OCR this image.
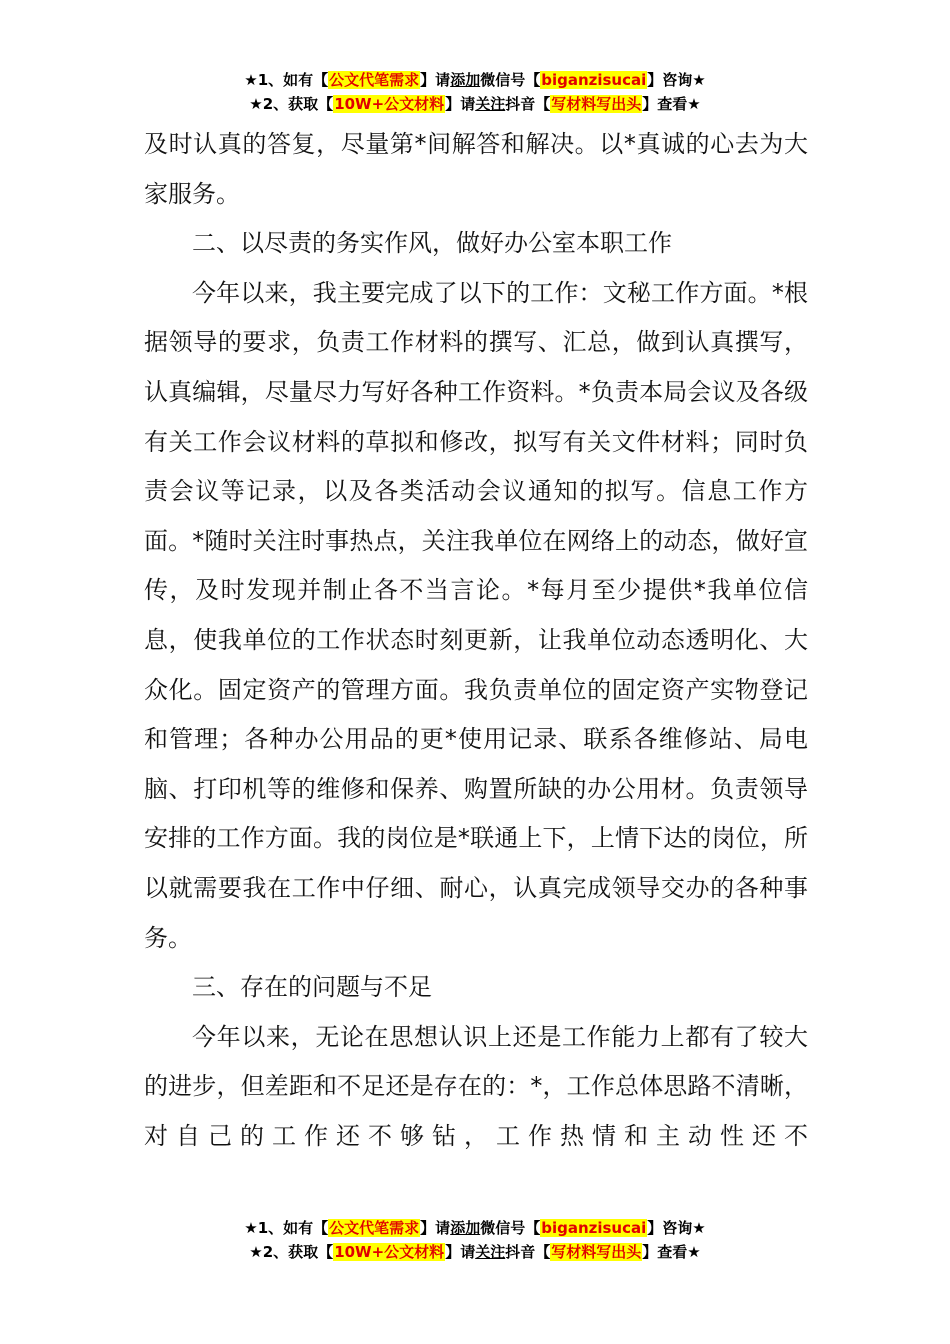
★1、如有【公文代笔需求】请添加微信号【biganzisucai】咨询★
★2、获取【10W+公文材料】请关注抖音【写材料写出头】查看★

及时认真的答复，尽量第*间解答和解决。以*真诚的心去为大家服务。

二、以尽责的务实作风，做好办公室本职工作

今年以来，我主要完成了以下的工作：文秘工作方面。*根据领导的要求，负责工作材料的撰写、汇总，做到认真撰写，认真编辑，尽量尽力写好各种工作资料。*负责本局会议及各级有关工作会议材料的草拟和修改，拟写有关文件材料；同时负责会议等记录，以及各类活动会议通知的拟写。信息工作方面。*随时关注时事热点，关注我单位在网络上的动态，做好宣传，及时发现并制止各不当言论。*每月至少提供*我单位信息，使我单位的工作状态时刻更新，让我单位动态透明化、大众化。固定资产的管理方面。我负责单位的固定资产实物登记和管理；各种办公用品的更*使用记录、联系各维修站、局电脑、打印机等的维修和保养、购置所缺的办公用材。负责领导安排的工作方面。我的岗位是*联通上下，上情下达的岗位，所以就需要我在工作中仔细、耐心，认真完成领导交办的各种事务。

三、存在的问题与不足

今年以来，无论在思想认识上还是工作能力上都有了较大的进步，但差距和不足还是存在的：*，工作总体思路不清晰，对自己的工作还不够钻，工作热情和主动性还不

★1、如有【公文代笔需求】请添加微信号【biganzisucai】咨询★
★2、获取【10W+公文材料】请关注抖音【写材料写出头】查看★
